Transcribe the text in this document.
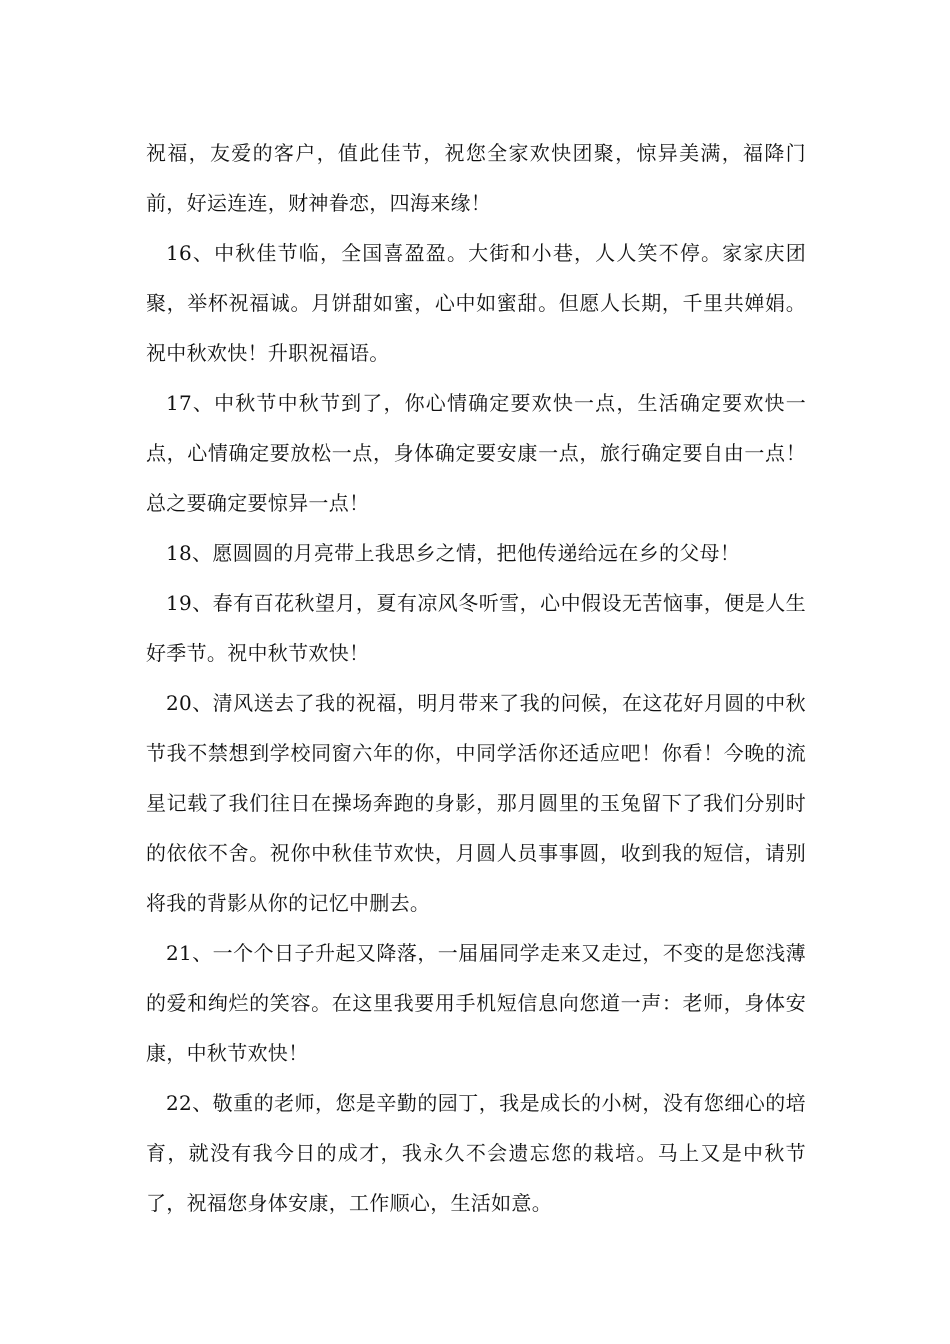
祝福，友爱的客户，值此佳节，祝您全家欢快团聚，惊异美满，福降门前，好运连连，财神眷恋，四海来缘！

16、中秋佳节临，全国喜盈盈。大街和小巷，人人笑不停。家家庆团聚，举杯祝福诚。月饼甜如蜜，心中如蜜甜。但愿人长期，千里共婵娟。祝中秋欢快！升职祝福语。

17、中秋节中秋节到了，你心情确定要欢快一点，生活确定要欢快一点，心情确定要放松一点，身体确定要安康一点，旅行确定要自由一点！总之要确定要惊异一点！

18、愿圆圆的月亮带上我思乡之情，把他传递给远在乡的父母！

19、春有百花秋望月，夏有凉风冬听雪，心中假设无苦恼事，便是人生好季节。祝中秋节欢快！

20、清风送去了我的祝福，明月带来了我的问候，在这花好月圆的中秋节我不禁想到学校同窗六年的你，中同学活你还适应吧！你看！今晚的流星记载了我们往日在操场奔跑的身影，那月圆里的玉兔留下了我们分别时的依依不舍。祝你中秋佳节欢快，月圆人员事事圆，收到我的短信，请别将我的背影从你的记忆中删去。

21、一个个日子升起又降落，一届届同学走来又走过，不变的是您浅薄的爱和绚烂的笑容。在这里我要用手机短信息向您道一声：老师，身体安康，中秋节欢快！

22、敬重的老师，您是辛勤的园丁，我是成长的小树，没有您细心的培育，就没有我今日的成才，我永久不会遗忘您的栽培。马上又是中秋节了，祝福您身体安康，工作顺心，生活如意。
